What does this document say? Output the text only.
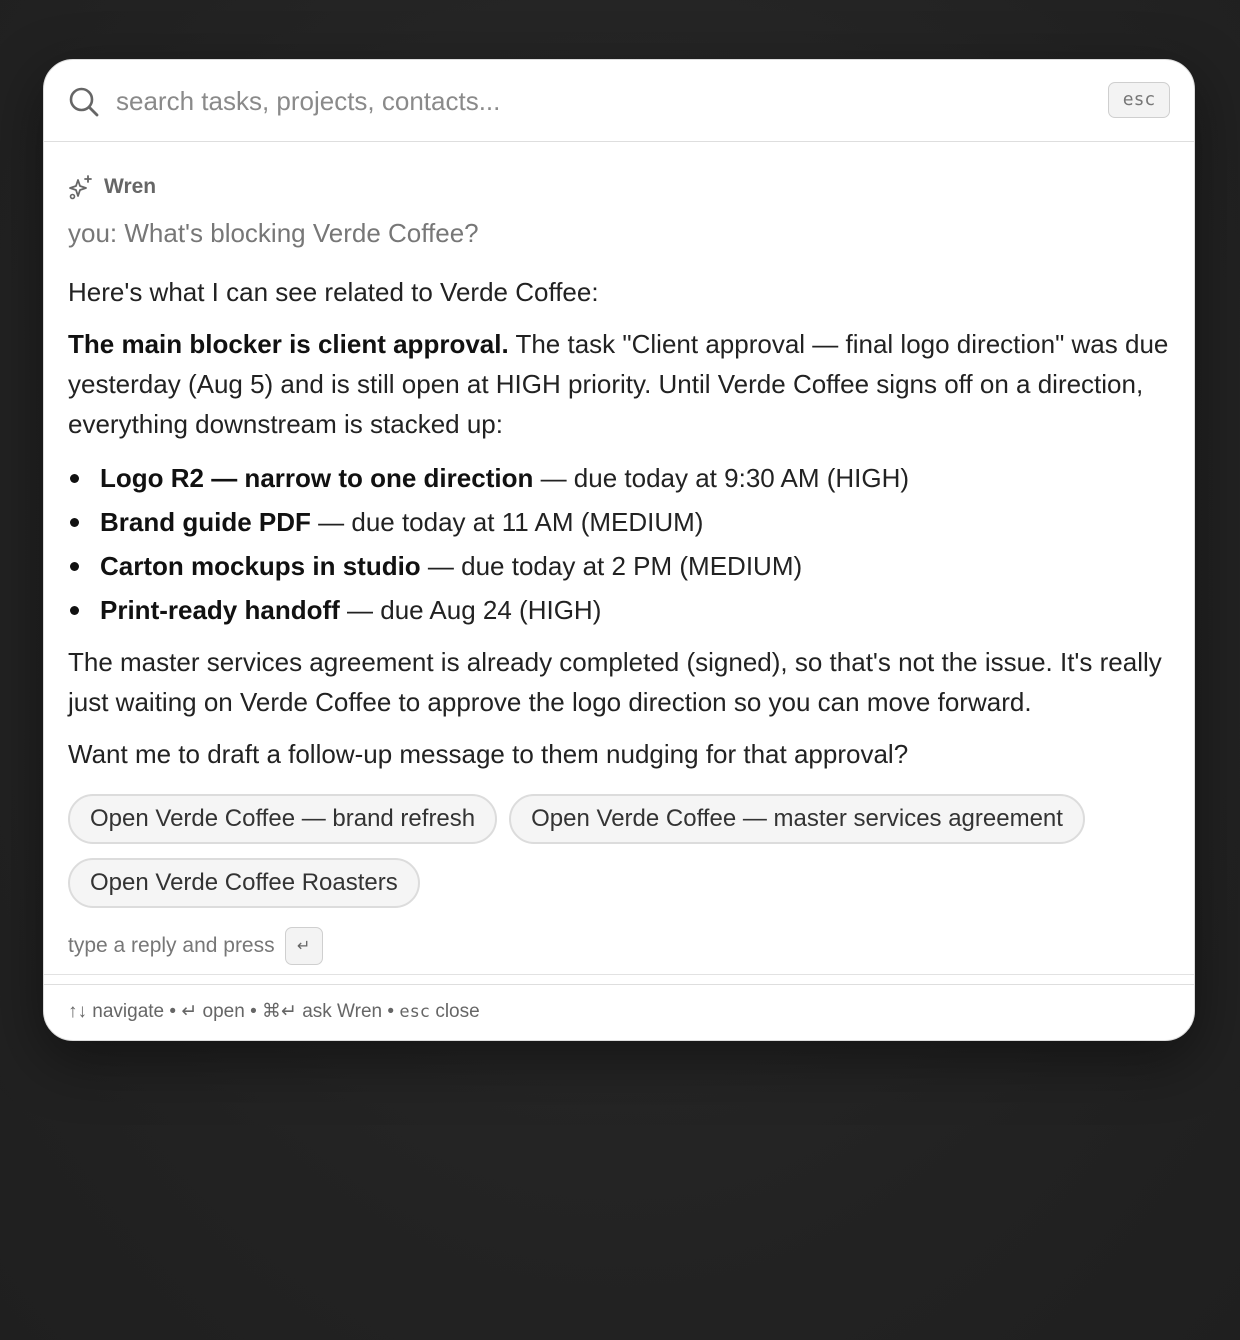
search tasks, projects, contacts...
esc
Wren

you: What's blocking Verde Coffee?

Here's what I can see related to Verde Coffee:

The main blocker is client approval. The task "Client approval — final logo direction" was due yesterday (Aug 5) and is still open at HIGH priority. Until Verde Coffee signs off on a direction, everything downstream is stacked up:

Logo R2 — narrow to one direction — due today at 9:30 AM (HIGH)
Brand guide PDF — due today at 11 AM (MEDIUM)
Carton mockups in studio — due today at 2 PM (MEDIUM)
Print-ready handoff — due Aug 24 (HIGH)

The master services agreement is already completed (signed), so that's not the issue. It's really just waiting on Verde Coffee to approve the logo direction so you can move forward.

Want me to draft a follow-up message to them nudging for that approval?

Open Verde Coffee — brand refresh	Open Verde Coffee — master services agreement
Open Verde Coffee Roasters
type a reply and press	↵
↑↓ navigate • ↵ open • ⌘↵ ask Wren • esc close
